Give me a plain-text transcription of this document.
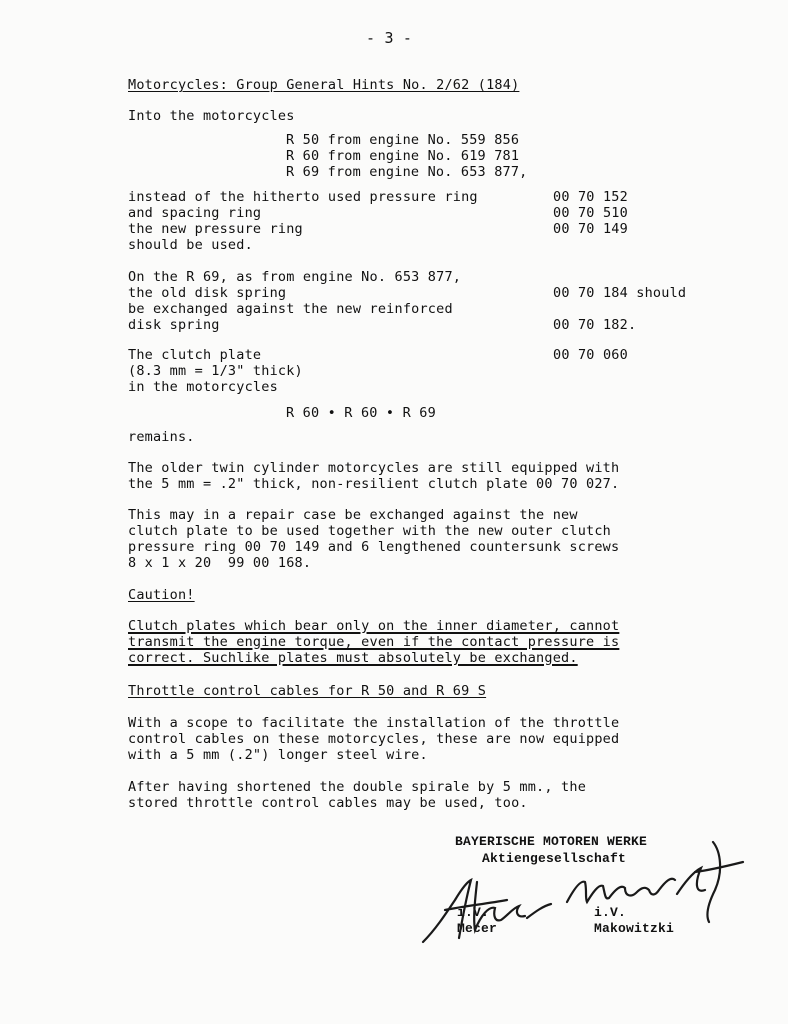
- 3 -
Motorcycles: Group General Hints No. 2/62 (184)
Into the motorcycles
R 50 from engine No. 559 856
R 60 from engine No. 619 781
R 69 from engine No. 653 877,
instead of the hitherto used pressure ring	00 70 152
and spacing ring	00 70 510
the new pressure ring	00 70 149
should be used.
On the R 69, as from engine No. 653 877,
the old disk spring	00 70 184 should
be exchanged against the new reinforced
disk spring	00 70 182.
The clutch plate	00 70 060
(8.3 mm = 1/3" thick)
in the motorcycles
R 60 • R 60 • R 69
remains.
The older twin cylinder motorcycles are still equipped with
the 5 mm = .2" thick, non-resilient clutch plate 00 70 027.
This may in a repair case be exchanged against the new
clutch plate to be used together with the new outer clutch
pressure ring 00 70 149 and 6 lengthened countersunk screws
8 x 1 x 20  99 00 168.
Caution!
Clutch plates which bear only on the inner diameter, cannot
transmit the engine torque, even if the contact pressure is
correct. Suchlike plates must absolutely be exchanged.
Throttle control cables for R 50 and R 69 S
With a scope to facilitate the installation of the throttle
control cables on these motorcycles, these are now equipped
with a 5 mm (.2") longer steel wire.
After having shortened the double spirale by 5 mm., the
stored throttle control cables may be used, too.
BAYERISCHE MOTOREN WERKE
Aktiengesellschaft
i.V.
Mecer
i.V.
Makowitzki
